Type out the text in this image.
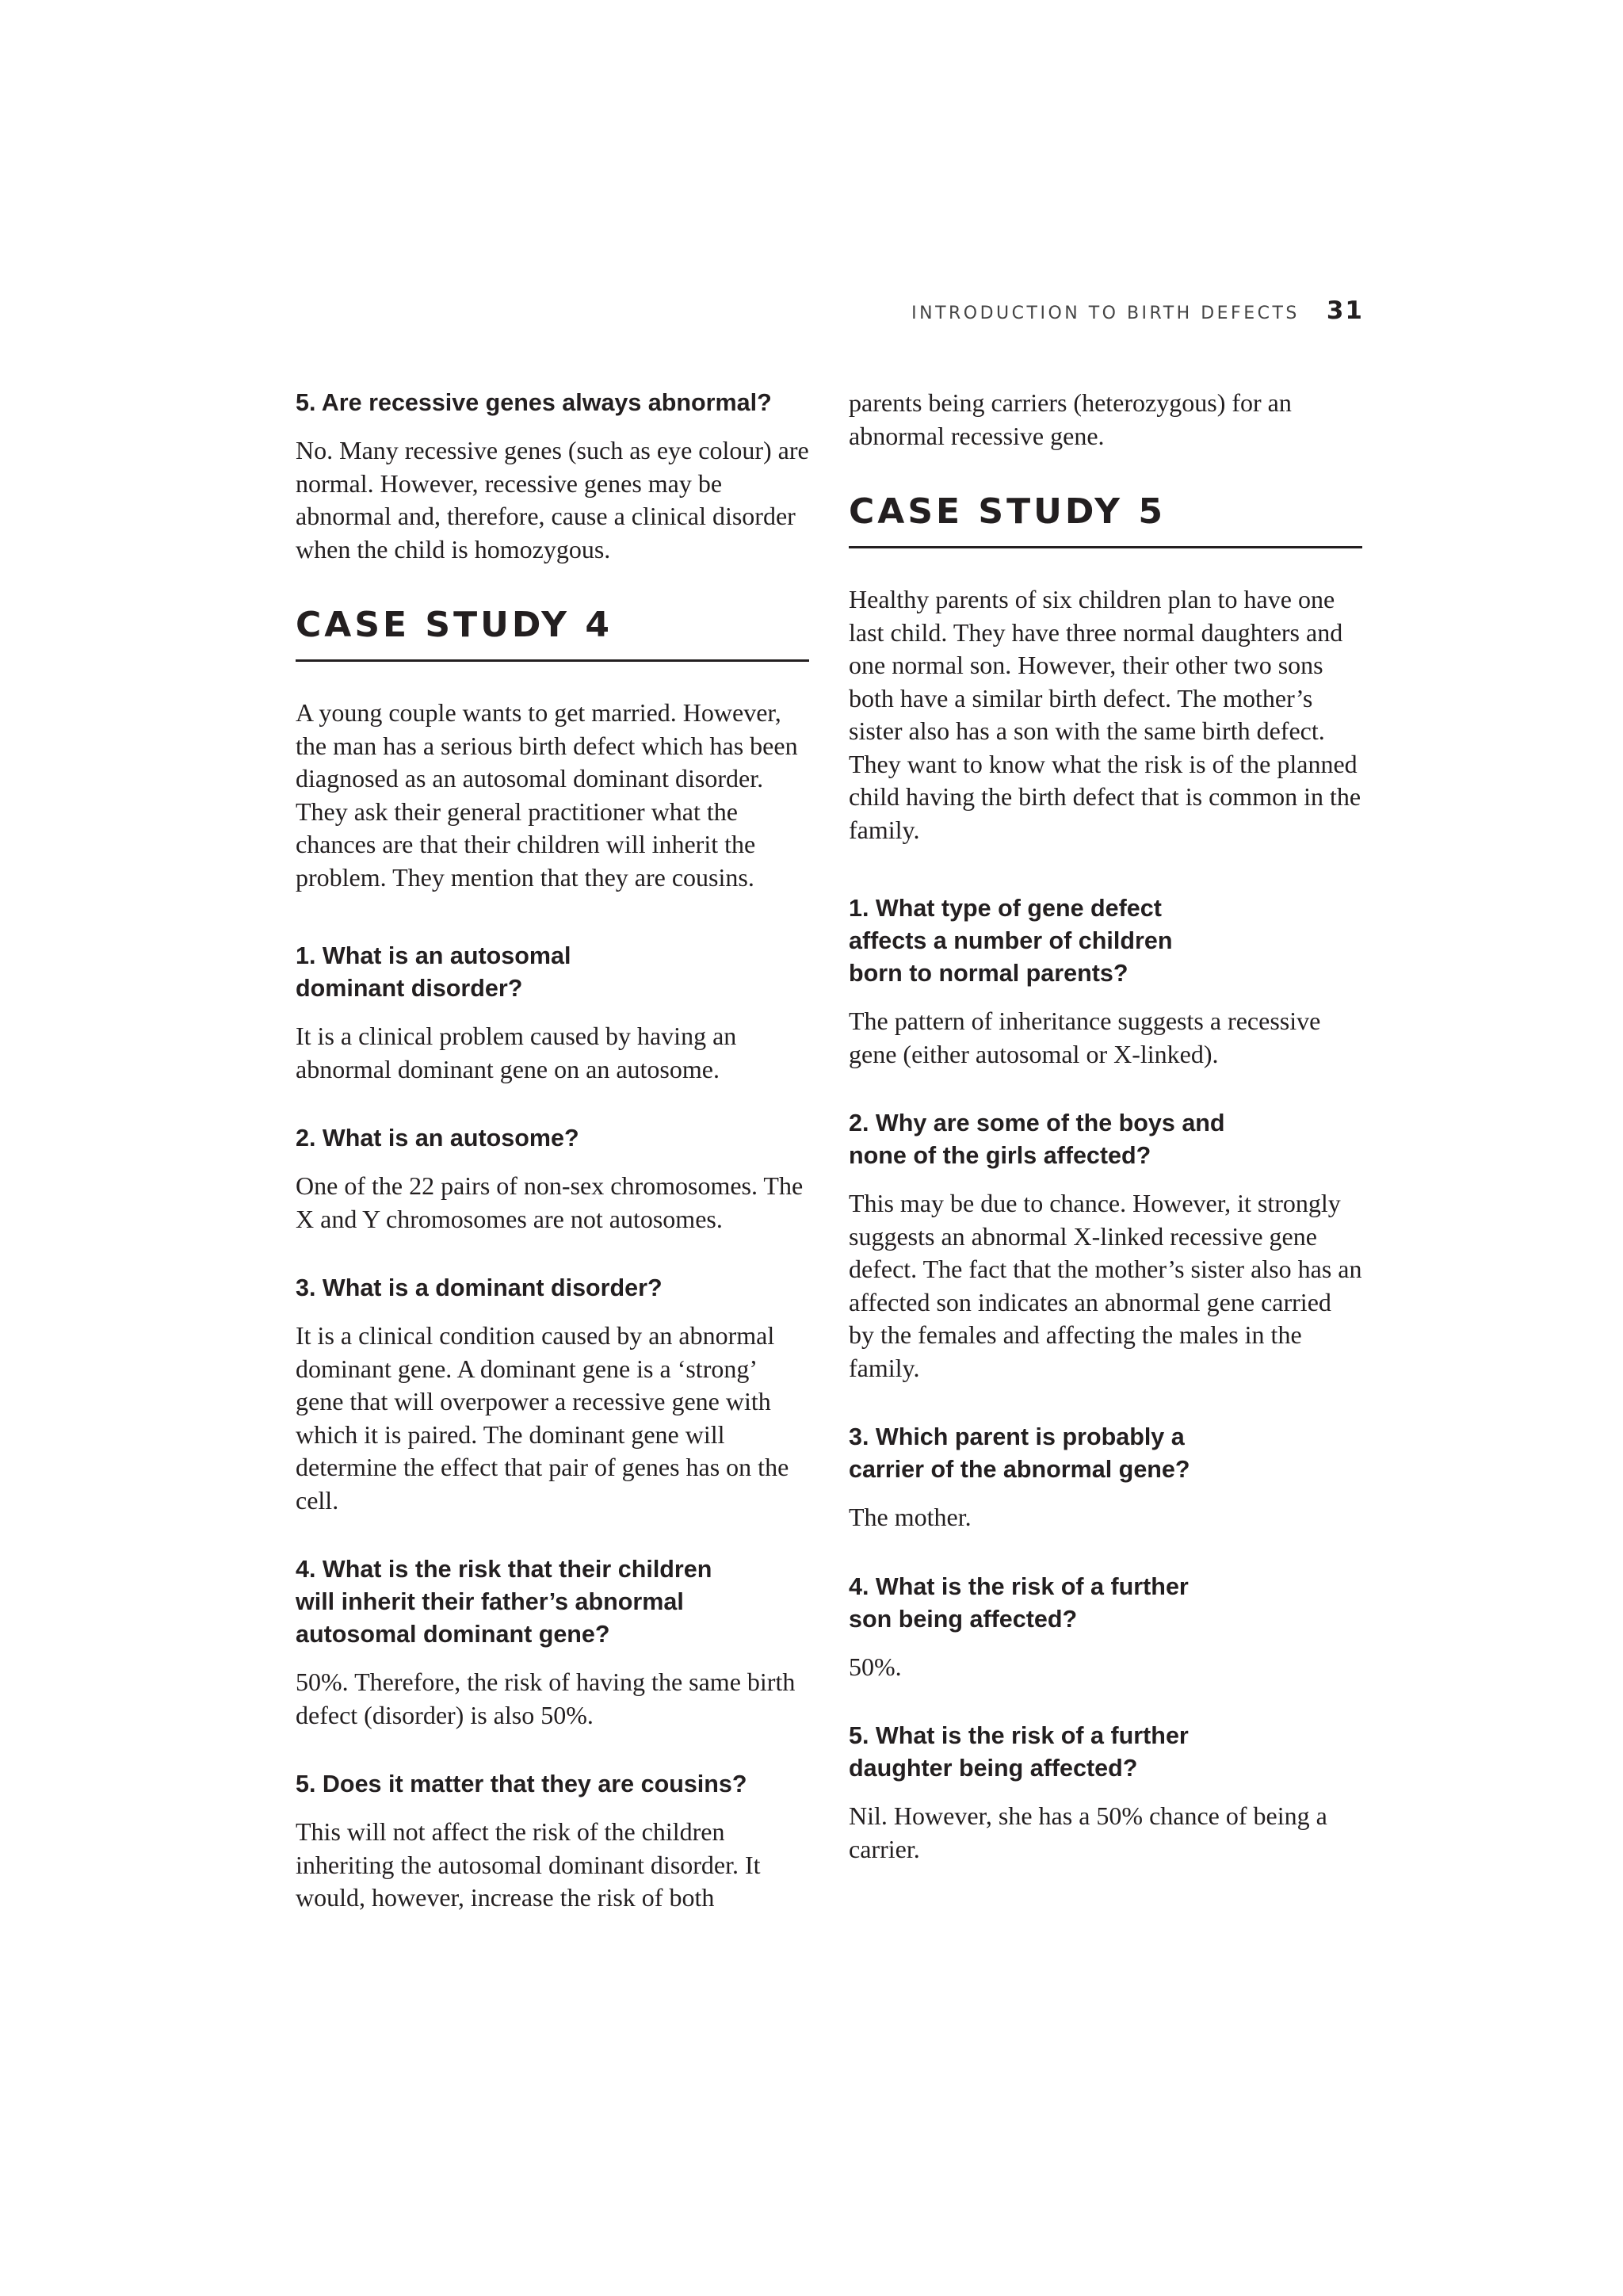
INTRODUCTION TO BIRTH DEFECTS 31
5. Are recessive genes always abnormal?
No. Many recessive genes (such as eye colour) are normal. However, recessive genes may be abnormal and, therefore, cause a clinical disorder when the child is homozygous.
CASE STUDY 4
A young couple wants to get married. However, the man has a serious birth defect which has been diagnosed as an autosomal dominant disorder. They ask their general practitioner what the chances are that their children will inherit the problem. They mention that they are cousins.
1. What is an autosomal dominant disorder?
It is a clinical problem caused by having an abnormal dominant gene on an autosome.
2. What is an autosome?
One of the 22 pairs of non-sex chromosomes. The X and Y chromosomes are not autosomes.
3. What is a dominant disorder?
It is a clinical condition caused by an abnormal dominant gene. A dominant gene is a ‘strong’ gene that will overpower a recessive gene with which it is paired. The dominant gene will determine the effect that pair of genes has on the cell.
4. What is the risk that their children will inherit their father’s abnormal autosomal dominant gene?
50%. Therefore, the risk of having the same birth defect (disorder) is also 50%.
5. Does it matter that they are cousins?
This will not affect the risk of the children inheriting the autosomal dominant disorder. It would, however, increase the risk of both
parents being carriers (heterozygous) for an abnormal recessive gene.
CASE STUDY 5
Healthy parents of six children plan to have one last child. They have three normal daughters and one normal son. However, their other two sons both have a similar birth defect. The mother’s sister also has a son with the same birth defect. They want to know what the risk is of the planned child having the birth defect that is common in the family.
1. What type of gene defect affects a number of children born to normal parents?
The pattern of inheritance suggests a recessive gene (either autosomal or X-linked).
2. Why are some of the boys and none of the girls affected?
This may be due to chance. However, it strongly suggests an abnormal X-linked recessive gene defect. The fact that the mother’s sister also has an affected son indicates an abnormal gene carried by the females and affecting the males in the family.
3. Which parent is probably a carrier of the abnormal gene?
The mother.
4. What is the risk of a further son being affected?
50%.
5. What is the risk of a further daughter being affected?
Nil. However, she has a 50% chance of being a carrier.
